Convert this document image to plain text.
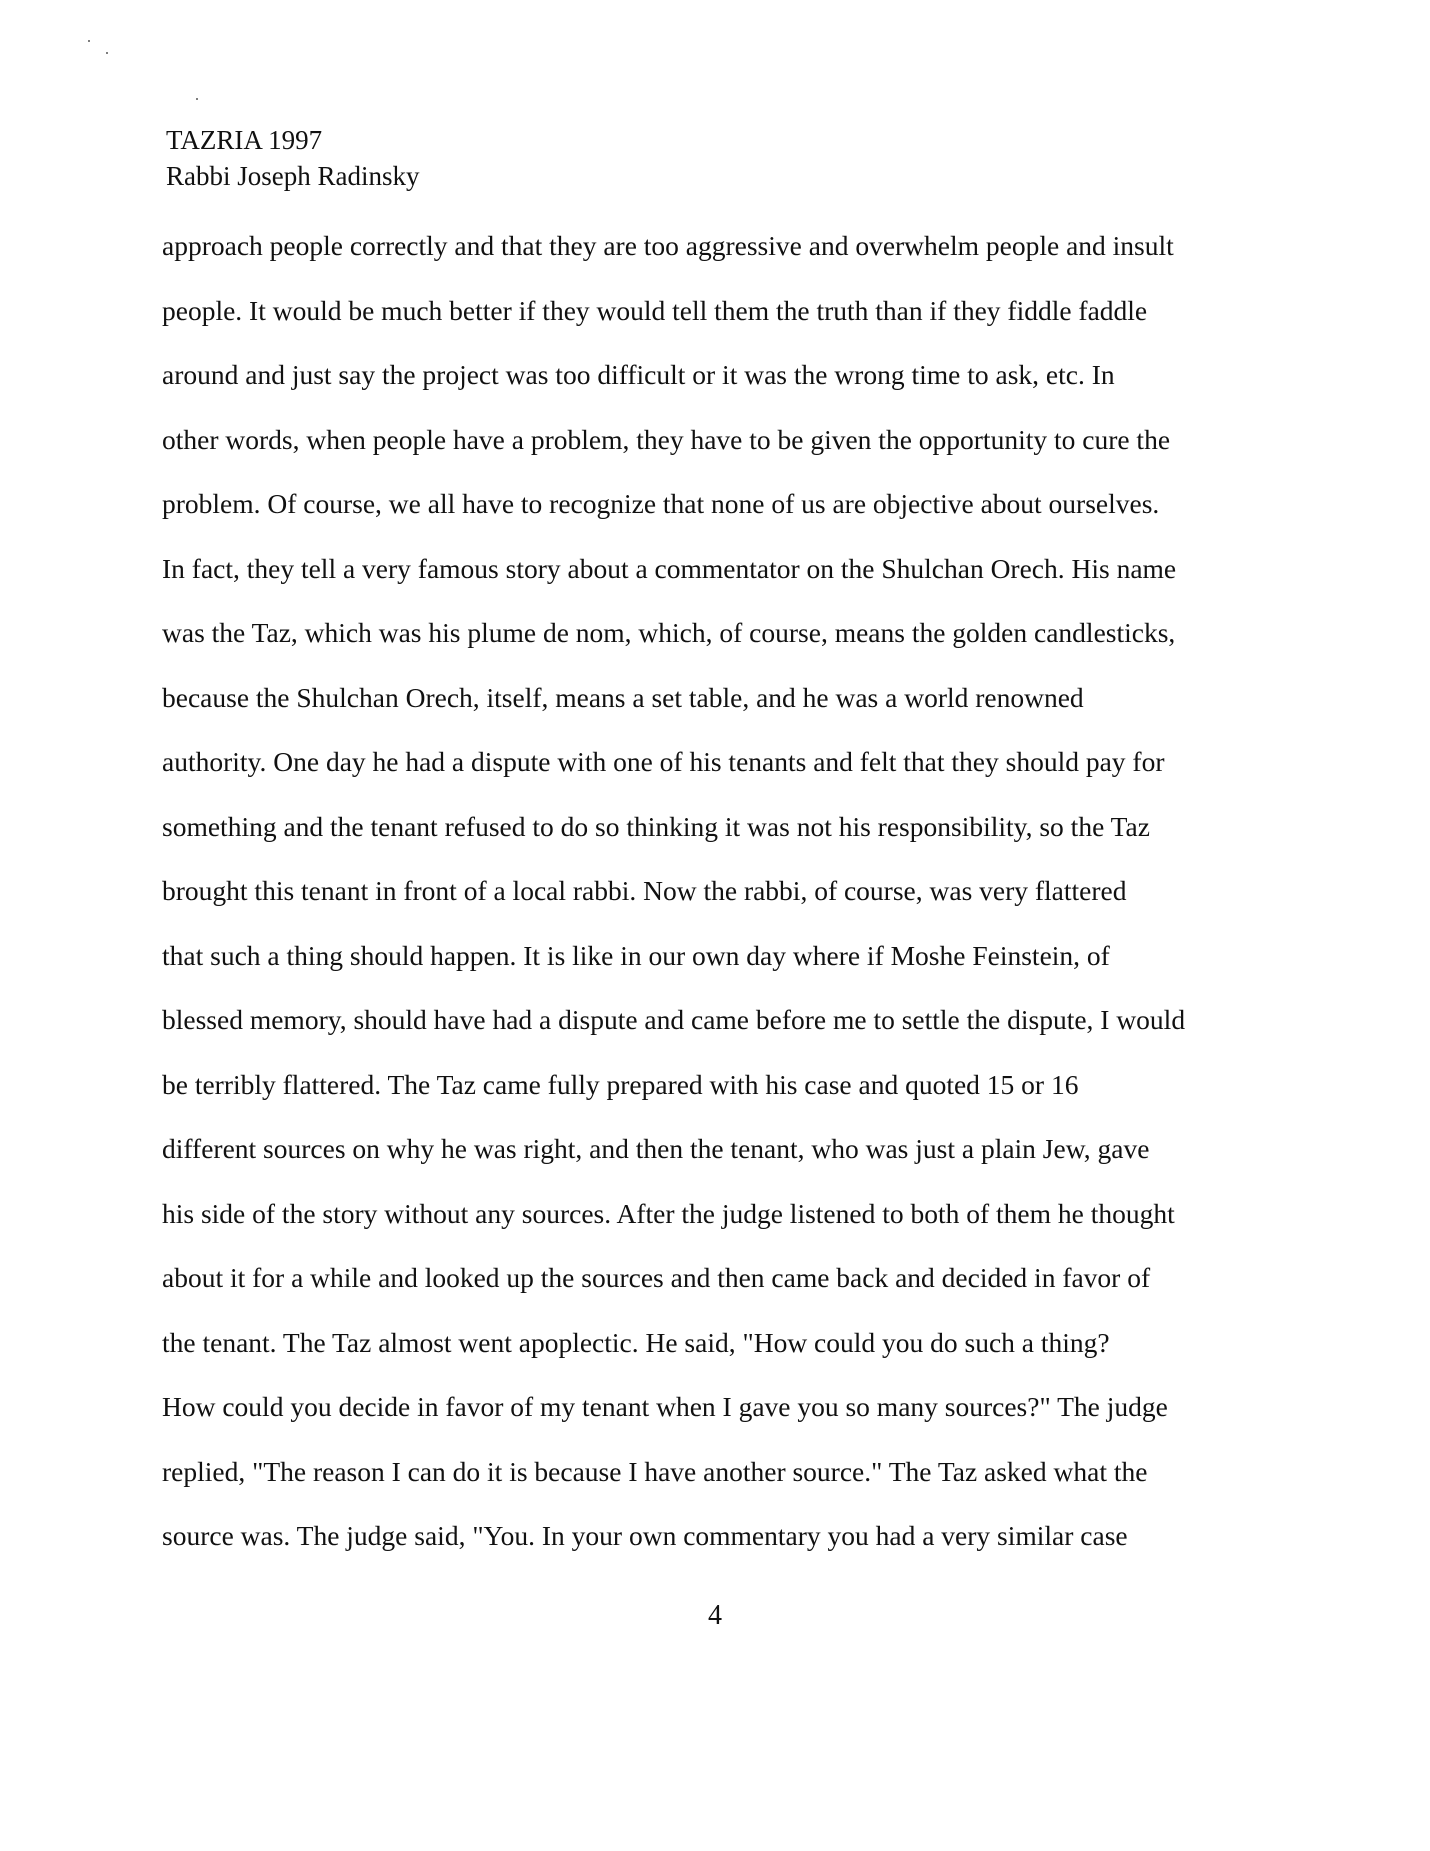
TAZRIA 1997
Rabbi Joseph Radinsky
approach people correctly and that they are too aggressive and overwhelm people and insult
people. It would be much better if they would tell them the truth than if they fiddle faddle
around and just say the project was too difficult or it was the wrong time to ask, etc. In
other words, when people have a problem, they have to be given the opportunity to cure the
problem. Of course, we all have to recognize that none of us are objective about ourselves.
In fact, they tell a very famous story about a commentator on the Shulchan Orech. His name
was the Taz, which was his plume de nom, which, of course, means the golden candlesticks,
because the Shulchan Orech, itself, means a set table, and he was a world renowned
authority. One day he had a dispute with one of his tenants and felt that they should pay for
something and the tenant refused to do so thinking it was not his responsibility, so the Taz
brought this tenant in front of a local rabbi. Now the rabbi, of course, was very flattered
that such a thing should happen. It is like in our own day where if Moshe Feinstein, of
blessed memory, should have had a dispute and came before me to settle the dispute, I would
be terribly flattered. The Taz came fully prepared with his case and quoted 15 or 16
different sources on why he was right, and then the tenant, who was just a plain Jew, gave
his side of the story without any sources. After the judge listened to both of them he thought
about it for a while and looked up the sources and then came back and decided in favor of
the tenant. The Taz almost went apoplectic. He said, "How could you do such a thing?
How could you decide in favor of my tenant when I gave you so many sources?" The judge
replied, "The reason I can do it is because I have another source." The Taz asked what the
source was. The judge said, "You. In your own commentary you had a very similar case
4
